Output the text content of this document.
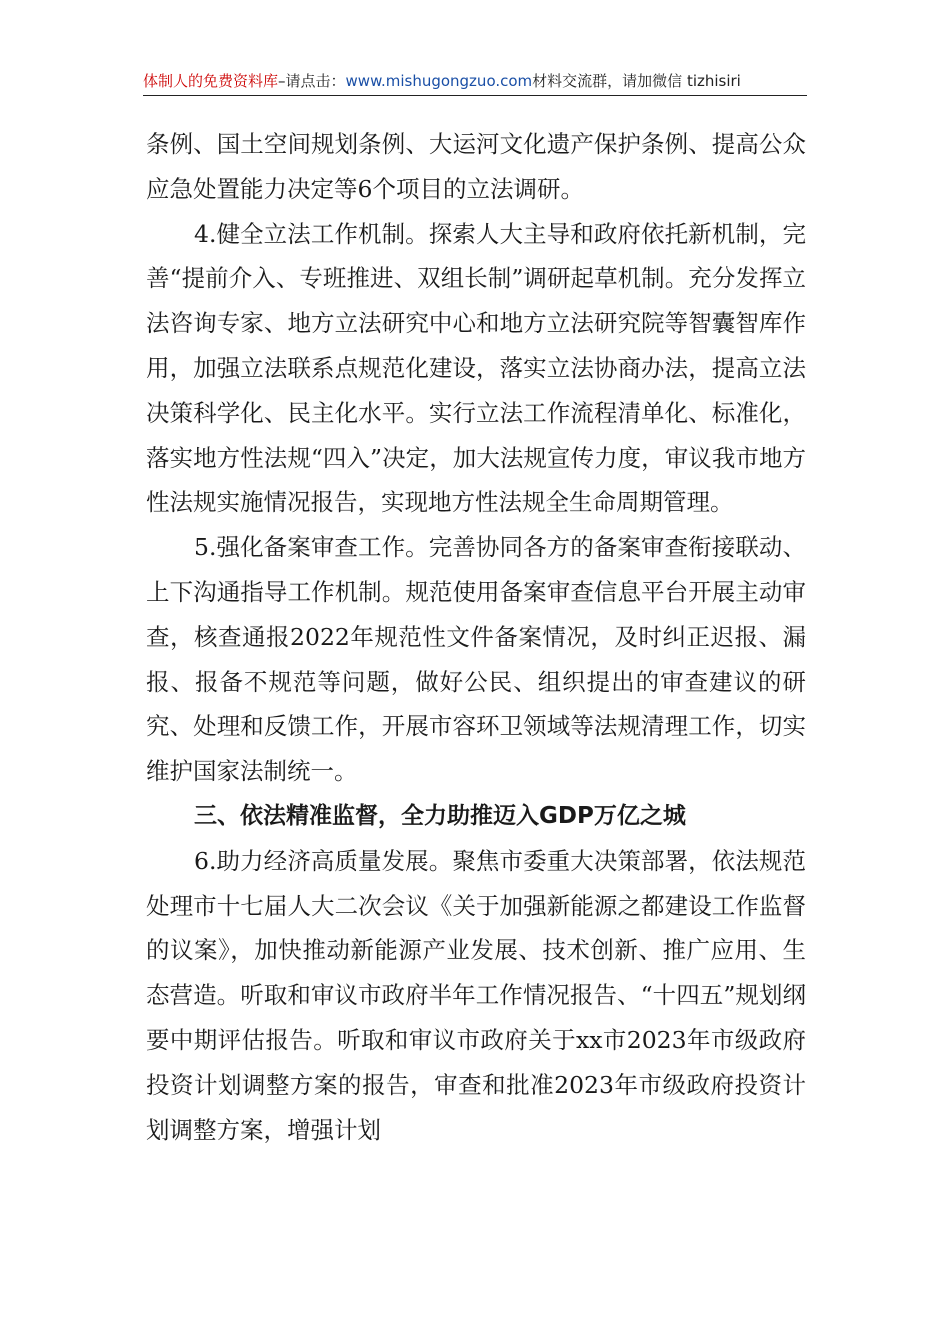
体制人的免费资料库–请点击：www.mishugongzuo.com材料交流群，请加微信 tizhisiri

条例、国土空间规划条例、大运河文化遗产保护条例、提高公众应急处置能力决定等6个项目的立法调研。

4.健全立法工作机制。探索人大主导和政府依托新机制，完善“提前介入、专班推进、双组长制”调研起草机制。充分发挥立法咨询专家、地方立法研究中心和地方立法研究院等智囊智库作用，加强立法联系点规范化建设，落实立法协商办法，提高立法决策科学化、民主化水平。实行立法工作流程清单化、标准化，落实地方性法规“四入”决定，加大法规宣传力度，审议我市地方性法规实施情况报告，实现地方性法规全生命周期管理。

5.强化备案审查工作。完善协同各方的备案审查衔接联动、上下沟通指导工作机制。规范使用备案审查信息平台开展主动审查，核查通报2022年规范性文件备案情况，及时纠正迟报、漏报、报备不规范等问题，做好公民、组织提出的审查建议的研究、处理和反馈工作，开展市容环卫领域等法规清理工作，切实维护国家法制统一。

三、依法精准监督，全力助推迈入GDP万亿之城

6.助力经济高质量发展。聚焦市委重大决策部署，依法规范处理市十七届人大二次会议《关于加强新能源之都建设工作监督的议案》，加快推动新能源产业发展、技术创新、推广应用、生态营造。听取和审议市政府半年工作情况报告、“十四五”规划纲要中期评估报告。听取和审议市政府关于xx市2023年市级政府投资计划调整方案的报告，审查和批准2023年市级政府投资计划调整方案，增强计划
